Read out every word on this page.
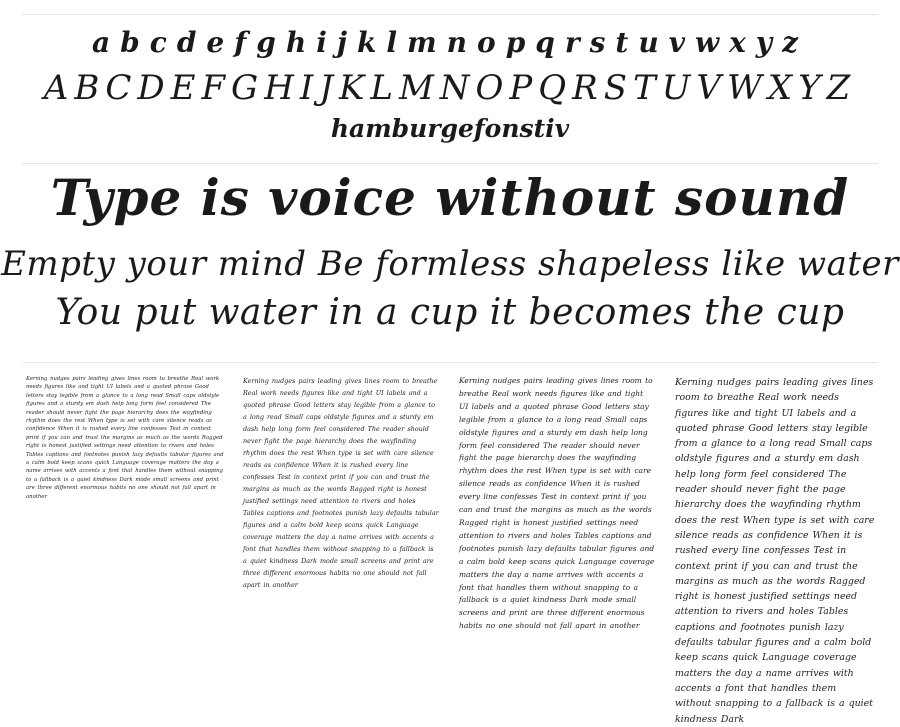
a b c d e f g h i j k l m n o p q r s t u v w x y z
A B C D E F G H I J K L M N O P Q R S T U V W X Y Z
hamburgefonstiv
Type is voice without sound
Empty your mind Be formless shapeless like water
You put water in a cup it becomes the cup

Kerning nudges pairs leading gives lines room to breathe Real work needs figures like and tight UI labels and a quoted phrase Good letters stay legible from a glance to a long read Small caps oldstyle figures and a sturdy em dash help long form feel considered The reader should never fight the page hierarchy does the wayfinding rhythm does the rest When type is set with care silence reads as confidence When it is rushed every line confesses Test in context print if you can and trust the margins as much as the words Ragged right is honest justified settings need attention to rivers and holes Tables captions and footnotes punish lazy defaults tabular figures and a calm bold keep scans quick Language coverage matters the day a name arrives with accents a font that handles them without snapping to a fallback is a quiet kindness Dark mode small screens and print are three different enormous habits no one should not fall apart in another

Kerning nudges pairs leading gives lines room to breathe Real work needs figures like and tight UI labels and a quoted phrase Good letters stay legible from a glance to a long read Small caps oldstyle figures and a sturdy em dash help long form feel considered The reader should never fight the page hierarchy does the wayfinding rhythm does the rest When type is set with care silence reads as confidence When it is rushed every line confesses Test in context print if you can and trust the margins as much as the words Ragged right is honest justified settings need attention to rivers and holes Tables captions and footnotes punish lazy defaults tabular figures and a calm bold keep scans quick Language coverage matters the day a name arrives with accents a font that handles them without snapping to a fallback is a quiet kindness Dark mode small screens and print are three different enormous habits no one should not fall apart in another

Kerning nudges pairs leading gives lines room to breathe Real work needs figures like and tight UI labels and a quoted phrase Good letters stay legible from a glance to a long read Small caps oldstyle figures and a sturdy em dash help long form feel considered The reader should never fight the page hierarchy does the wayfinding rhythm does the rest When type is set with care silence reads as confidence When it is rushed every line confesses Test in context print if you can and trust the margins as much as the words Ragged right is honest justified settings need attention to rivers and holes Tables captions and footnotes punish lazy defaults tabular figures and a calm bold keep scans quick Language coverage matters the day a name arrives with accents a font that handles them without snapping to a fallback is a quiet kindness Dark mode small screens and print are three different enormous habits no one should not fall apart in another

Kerning nudges pairs leading gives lines room to breathe Real work needs figures like and tight UI labels and a quoted phrase Good letters stay legible from a glance to a long read Small caps oldstyle figures and a sturdy em dash help long form feel considered The reader should never fight the page hierarchy does the wayfinding rhythm does the rest When type is set with care silence reads as confidence When it is rushed every line confesses Test in context print if you can and trust the margins as much as the words Ragged right is honest justified settings need attention to rivers and holes Tables captions and footnotes punish lazy defaults tabular figures and a calm bold keep scans quick Language coverage matters the day a name arrives with accents a font that handles them without snapping to a fallback is a quiet kindness Dark
